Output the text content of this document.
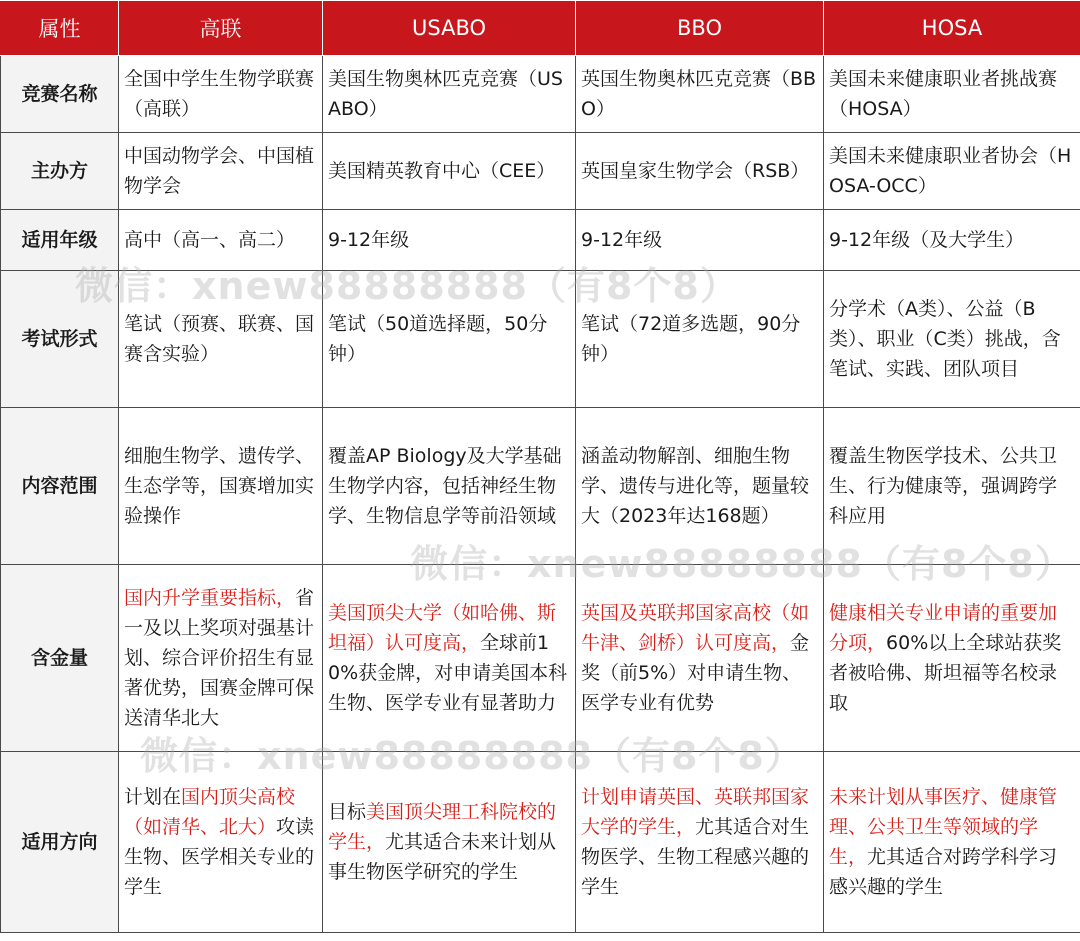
属性	高联	USABO	BBO	HOSA
竞赛名称	全国中学生生物学联赛（高联）	美国生物奥林匹克竞赛（USABO）	英国生物奥林匹克竞赛（BBO）	美国未来健康职业者挑战赛（HOSA）
主办方	中国动物学会、中国植物学会	美国精英教育中心（CEE）	英国皇家生物学会（RSB）	美国未来健康职业者协会（HOSA-OCC）
适用年级	高中（高一、高二）	9-12年级	9-12年级	9-12年级（及大学生）
考试形式	笔试（预赛、联赛、国赛含实验）	笔试（50道选择题，50分钟）	笔试（72道多选题，90分钟）	分学术（A类）、公益（B类）、职业（C类）挑战，含笔试、实践、团队项目
内容范围	细胞生物学、遗传学、生态学等，国赛增加实验操作	覆盖AP Biology及大学基础生物学内容，包括神经生物学、生物信息学等前沿领域	涵盖动物解剖、细胞生物学、遗传与进化等，题量较大（2023年达168题）	覆盖生物医学技术、公共卫生、行为健康等，强调跨学科应用
含金量	国内升学重要指标，省一及以上奖项对强基计划、综合评价招生有显著优势，国赛金牌可保送清华北大	美国顶尖大学（如哈佛、斯坦福）认可度高，全球前10%获金牌，对申请美国本科生物、医学专业有显著助力	英国及英联邦国家高校（如牛津、剑桥）认可度高，金奖（前5%）对申请生物、医学专业有优势	健康相关专业申请的重要加分项，60%以上全球站获奖者被哈佛、斯坦福等名校录取
适用方向	计划在国内顶尖高校（如清华、北大）攻读生物、医学相关专业的学生	目标美国顶尖理工科院校的学生，尤其适合未来计划从事生物医学研究的学生	计划申请英国、英联邦国家大学的学生，尤其适合对生物医学、生物工程感兴趣的学生	未来计划从事医疗、健康管理、公共卫生等领域的学生，尤其适合对跨学科学习感兴趣的学生
微信：xnew88888888（有8个8）
微信：xnew88888888（有8个8）
微信：xnew88888888（有8个8）
